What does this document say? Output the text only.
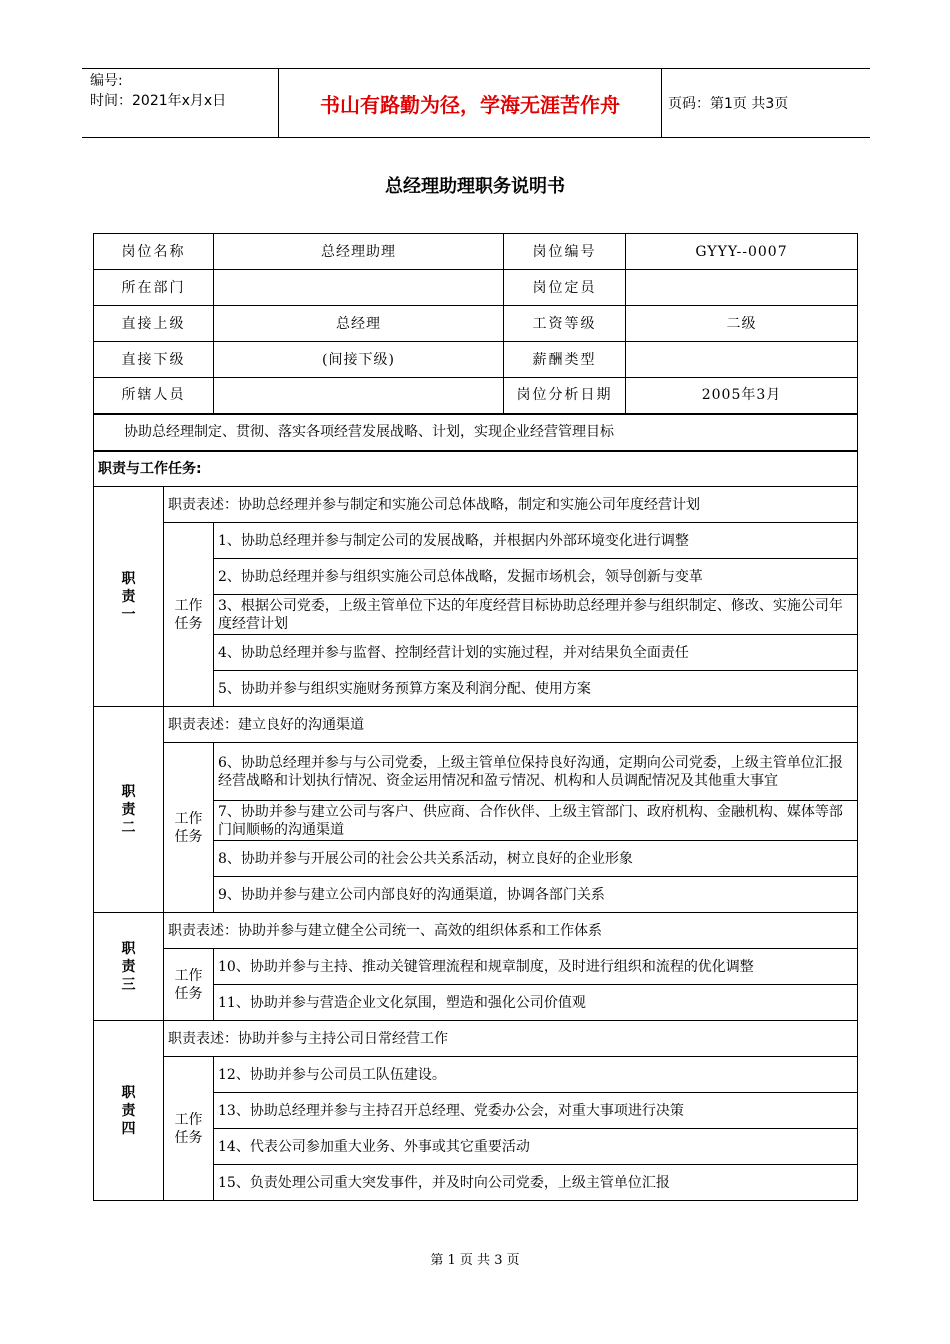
编号:
时间：2021年x月x日	书山有路勤为径，学海无涯苦作舟	页码：第1页 共3页
总经理助理职务说明书
岗位名称		总经理助理	岗位编号	GYYY--0007
所在部门			岗位定员	
直接上级		总经理	工资等级	二级
直接下级		(间接下级)	薪酬类型	
所辖人员			岗位分析日期	2005年3月
协助总经理制定、贯彻、落实各项经营发展战略、计划，实现企业经营管理目标				
职责与工作任务:				
职责一	职责表述：协助总经理并参与制定和实施公司总体战略，制定和实施公司年度经营计划			
	工作任务	1、协助总经理并参与制定公司的发展战略，并根据内外部环境变化进行调整		
		2、协助总经理并参与组织实施公司总体战略，发掘市场机会，领导创新与变革		
		3、根据公司党委，上级主管单位下达的年度经营目标协助总经理并参与组织制定、修改、实施公司年度经营计划		
		4、协助总经理并参与监督、控制经营计划的实施过程，并对结果负全面责任		
		5、协助并参与组织实施财务预算方案及利润分配、使用方案		
职责二	职责表述：建立良好的沟通渠道			
	工作任务	6、协助总经理并参与与公司党委，上级主管单位保持良好沟通，定期向公司党委，上级主管单位汇报经营战略和计划执行情况、资金运用情况和盈亏情况、机构和人员调配情况及其他重大事宜		
		7、协助并参与建立公司与客户、供应商、合作伙伴、上级主管部门、政府机构、金融机构、媒体等部门间顺畅的沟通渠道		
		8、协助并参与开展公司的社会公共关系活动，树立良好的企业形象		
		9、协助并参与建立公司内部良好的沟通渠道，协调各部门关系		
职责三	职责表述：协助并参与建立健全公司统一、高效的组织体系和工作体系			
	工作任务	10、协助并参与主持、推动关键管理流程和规章制度，及时进行组织和流程的优化调整		
		11、协助并参与营造企业文化氛围，塑造和强化公司价值观		
职责四	职责表述：协助并参与主持公司日常经营工作			
	工作任务	12、协助并参与公司员工队伍建设。		
		13、协助总经理并参与主持召开总经理、党委办公会，对重大事项进行决策		
		14、代表公司参加重大业务、外事或其它重要活动		
		15、负责处理公司重大突发事件，并及时向公司党委，上级主管单位汇报		
第 1 页 共 3 页
